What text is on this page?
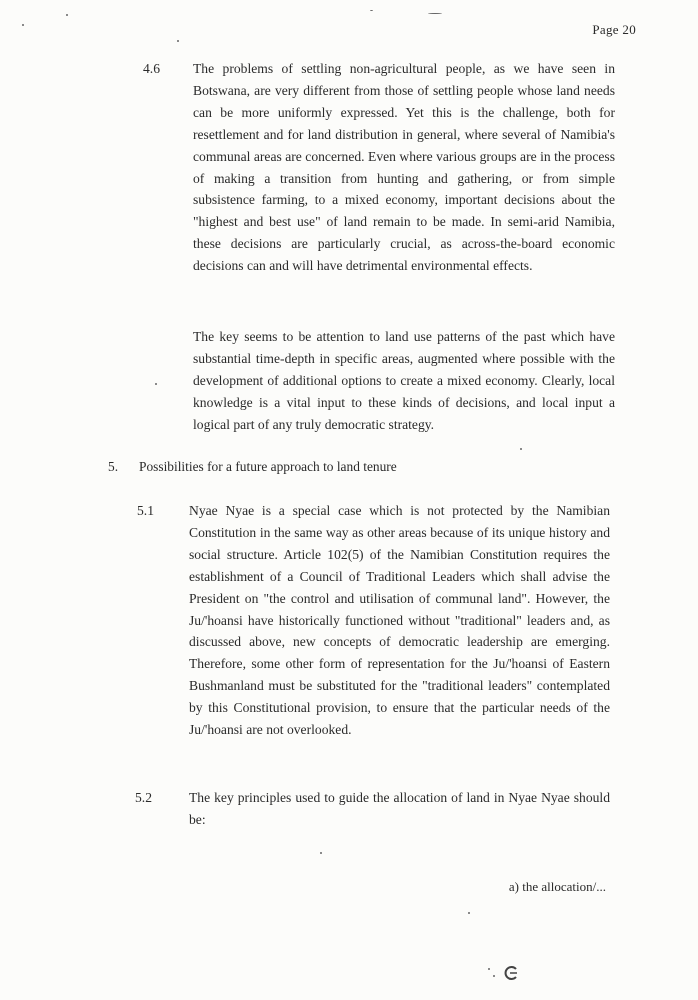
Page 20
4.6 The problems of settling non-agricultural people, as we have seen in Botswana, are very different from those of settling people whose land needs can be more uniformly expressed. Yet this is the challenge, both for resettlement and for land distribution in general, where several of Namibia's communal areas are concerned. Even where various groups are in the process of making a transition from hunting and gathering, or from simple subsistence farming, to a mixed economy, important decisions about the "highest and best use" of land remain to be made. In semi-arid Namibia, these decisions are particularly crucial, as across-the-board economic decisions can and will have detrimental environmental effects.

The key seems to be attention to land use patterns of the past which have substantial time-depth in specific areas, augmented where possible with the development of additional options to create a mixed economy. Clearly, local knowledge is a vital input to these kinds of decisions, and local input a logical part of any truly democratic strategy.

5. Possibilities for a future approach to land tenure
5.1	Nyae Nyae is a special case which is not protected by the Namibian Constitution in the same way as other areas because of its unique history and social structure. Article 102(5) of the Namibian Constitution requires the establishment of a Council of Traditional Leaders which shall advise the President on "the control and utilisation of communal land". However, the Ju/'hoansi have historically functioned without "traditional" leaders and, as discussed above, new concepts of democratic leadership are emerging. Therefore, some other form of representation for the Ju/'hoansi of Eastern Bushmanland must be substituted for the "traditional leaders" contemplated by this Constitutional provision, to ensure that the particular needs of the Ju/'hoansi are not overlooked.

5.2	The key principles used to guide the allocation of land in Nyae Nyae should be:

a) the allocation/...
